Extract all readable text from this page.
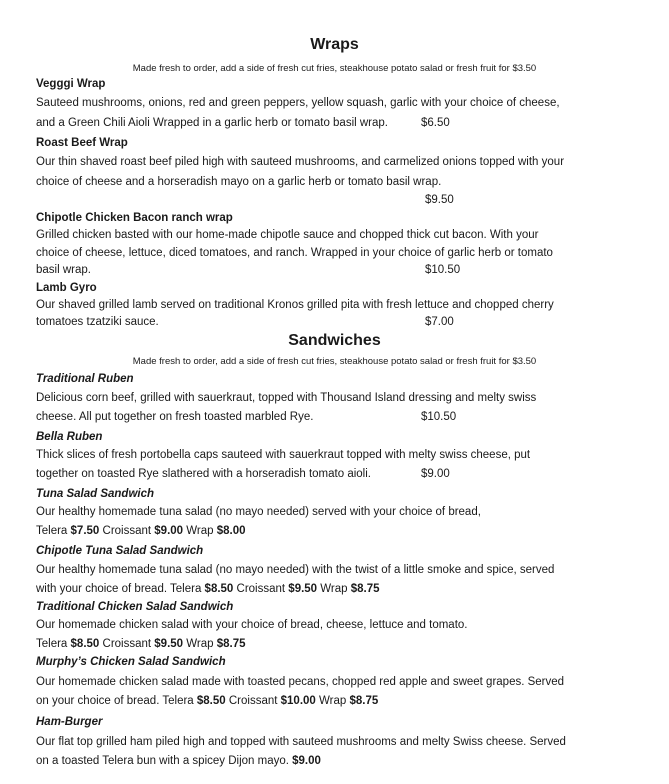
Wraps
Made fresh to order, add a side of fresh cut fries, steakhouse potato salad or fresh fruit for $3.50
Vegggi Wrap
Sauteed mushrooms, onions, red and green peppers, yellow squash, garlic with your choice of cheese,
and a Green Chili Aioli Wrapped in a garlic herb or tomato basil wrap.	$6.50
Roast Beef Wrap
Our thin shaved roast beef piled high with sauteed mushrooms, and carmelized onions topped with your
choice of cheese and a horseradish mayo on a garlic herb or tomato basil wrap.
$9.50
Chipotle Chicken Bacon ranch wrap
Grilled chicken basted with our home-made chipotle sauce and chopped thick cut bacon. With your
choice of cheese, lettuce, diced tomatoes, and ranch. Wrapped in your choice of garlic herb or tomato
basil wrap.	$10.50
Lamb Gyro
Our shaved grilled lamb served on traditional Kronos grilled pita with fresh lettuce and chopped cherry
tomatoes tzatziki sauce.	$7.00
Sandwiches
Made fresh to order, add a side of fresh cut fries, steakhouse potato salad or fresh fruit for $3.50
Traditional Ruben
Delicious corn beef, grilled with sauerkraut, topped with Thousand Island dressing and melty swiss
cheese. All put together on fresh toasted marbled Rye.	$10.50
Bella Ruben
Thick slices of fresh portobella caps sauteed with sauerkraut topped with melty swiss cheese, put
together on toasted Rye slathered with a horseradish tomato aioli.	$9.00
Tuna Salad Sandwich
Our healthy homemade tuna salad (no mayo needed) served with your choice of bread,
Telera $7.50 Croissant $9.00 Wrap $8.00
Chipotle Tuna Salad Sandwich
Our healthy homemade tuna salad (no mayo needed) with the twist of a little smoke and spice, served
with your choice of bread. Telera $8.50 Croissant $9.50 Wrap $8.75
Traditional Chicken Salad Sandwich
Our homemade chicken salad with your choice of bread, cheese, lettuce and tomato.
Telera $8.50 Croissant $9.50 Wrap $8.75
Murphy’s Chicken Salad Sandwich
Our homemade chicken salad made with toasted pecans, chopped red apple and sweet grapes. Served
on your choice of bread. Telera $8.50 Croissant $10.00 Wrap $8.75
Ham-Burger
Our flat top grilled ham piled high and topped with sauteed mushrooms and melty Swiss cheese. Served
on a toasted Telera bun with a spicey Dijon mayo. $9.00
